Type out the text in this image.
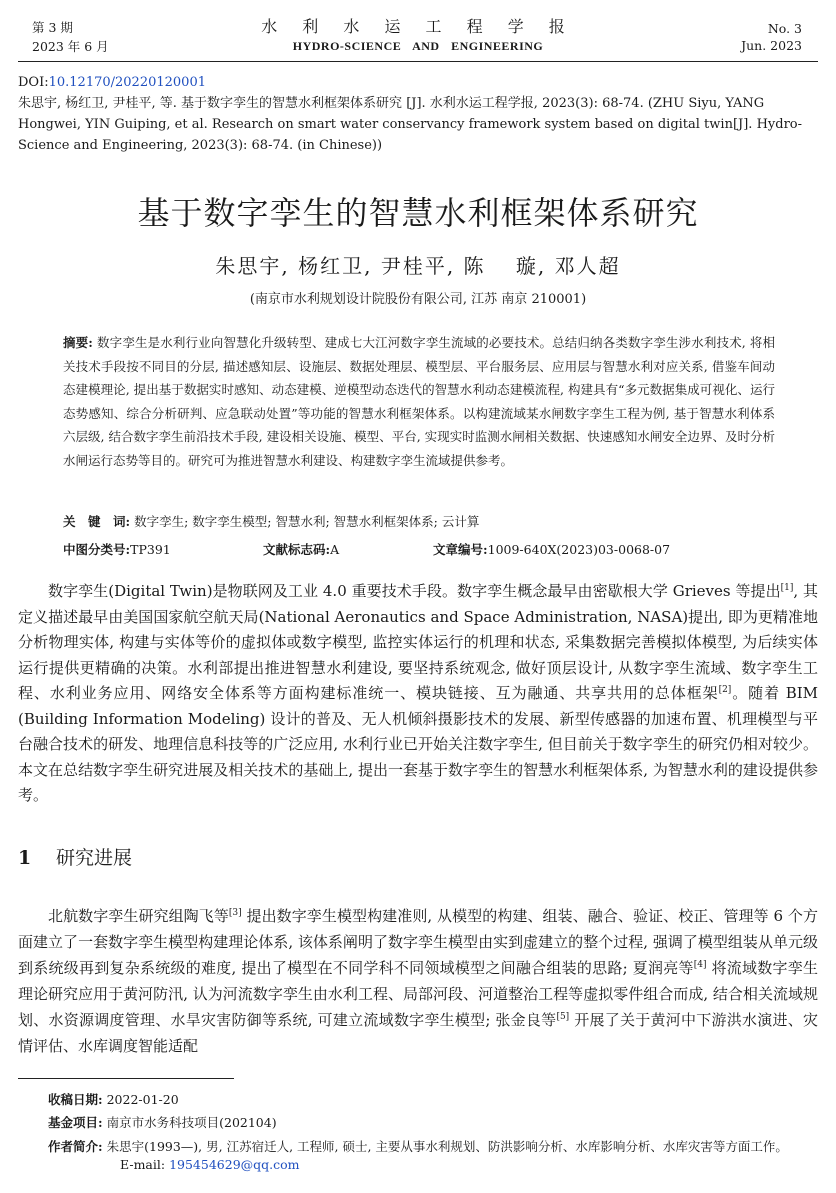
第 3 期
2023 年 6 月
水 利 水 运 工 程 学 报
HYDRO-SCIENCE AND ENGINEERING
No. 3
Jun. 2023
DOI:10.12170/20220120001
朱思宇, 杨红卫, 尹桂平, 等. 基于数字孪生的智慧水利框架体系研究 [J]. 水利水运工程学报, 2023(3): 68-74. (ZHU Siyu, YANG Hongwei, YIN Guiping, et al. Research on smart water conservancy framework system based on digital twin[J]. Hydro-Science and Engineering, 2023(3): 68-74. (in Chinese))
基于数字孪生的智慧水利框架体系研究
朱思宇, 杨红卫, 尹桂平, 陈　 璇, 邓人超
(南京市水利规划设计院股份有限公司, 江苏 南京 210001)
摘要: 数字孪生是水利行业向智慧化升级转型、建成七大江河数字孪生流域的必要技术。总结归纳各类数字孪生涉水利技术, 将相关技术手段按不同目的分层, 描述感知层、设施层、数据处理层、模型层、平台服务层、应用层与智慧水利对应关系, 借鉴车间动态建模理论, 提出基于数据实时感知、动态建模、逆模型动态迭代的智慧水利动态建模流程, 构建具有“多元数据集成可视化、运行态势感知、综合分析研判、应急联动处置”等功能的智慧水利框架体系。以构建流域某水闸数字孪生工程为例, 基于智慧水利体系六层级, 结合数字孪生前沿技术手段, 建设相关设施、模型、平台, 实现实时监测水闸相关数据、快速感知水闸安全边界、及时分析水闸运行态势等目的。研究可为推进智慧水利建设、构建数字孪生流域提供参考。
关　键　词: 数字孪生; 数字孪生模型; 智慧水利; 智慧水利框架体系; 云计算
中图分类号:TP391	文献标志码:A	文章编号:1009-640X(2023)03-0068-07

数字孪生(Digital Twin)是物联网及工业 4.0 重要技术手段。数字孪生概念最早由密歇根大学 Grieves 等提出[1], 其定义描述最早由美国国家航空航天局(National Aeronautics and Space Administration, NASA)提出, 即为更精准地分析物理实体, 构建与实体等价的虚拟体或数字模型, 监控实体运行的机理和状态, 采集数据完善模拟体模型, 为后续实体运行提供更精确的决策。水利部提出推进智慧水利建设, 要坚持系统观念, 做好顶层设计, 从数字孪生流域、数字孪生工程、水利业务应用、网络安全体系等方面构建标准统一、模块链接、互为融通、共享共用的总体框架[2]。随着 BIM (Building Information Modeling) 设计的普及、无人机倾斜摄影技术的发展、新型传感器的加速布置、机理模型与平台融合技术的研发、地理信息科技等的广泛应用, 水利行业已开始关注数字孪生, 但目前关于数字孪生的研究仍相对较少。本文在总结数字孪生研究进展及相关技术的基础上, 提出一套基于数字孪生的智慧水利框架体系, 为智慧水利的建设提供参考。

1 研究进展

北航数字孪生研究组陶飞等[3] 提出数字孪生模型构建准则, 从模型的构建、组装、融合、验证、校正、管理等 6 个方面建立了一套数字孪生模型构建理论体系, 该体系阐明了数字孪生模型由实到虚建立的整个过程, 强调了模型组装从单元级到系统级再到复杂系统级的难度, 提出了模型在不同学科不同领域模型之间融合组装的思路; 夏润亮等[4] 将流域数字孪生理论研究应用于黄河防汛, 认为河流数字孪生由水利工程、局部河段、河道整治工程等虚拟零件组合而成, 结合相关流域规划、水资源调度管理、水旱灾害防御等系统, 可建立流域数字孪生模型; 张金良等[5] 开展了关于黄河中下游洪水演进、灾情评估、水库调度智能适配

收稿日期: 2022-01-20
基金项目: 南京市水务科技项目(202104)
作者简介: 朱思宇(1993—), 男, 江苏宿迁人, 工程师, 硕士, 主要从事水利规划、防洪影响分析、水库影响分析、水库灾害等方面工作。
E-mail: 195454629@qq.com
